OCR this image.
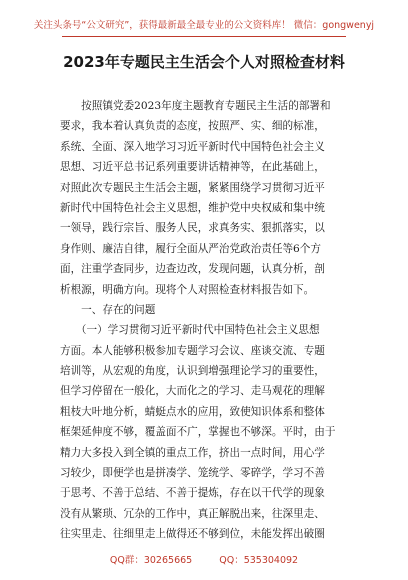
关注头条号“公文研究”，获得最新最全最专业的公文资料库！ 微信：gongwenyj
2023年专题民主生活会个人对照检查材料
　　按照镇党委2023年度主题教育专题民主生活的部署和
要求，我本着认真负责的态度，按照严、实、细的标准，
系统、全面、深入地学习习近平新时代中国特色社会主义
思想、习近平总书记系列重要讲话精神等，在此基础上，
对照此次专题民主生活会主题，紧紧围绕学习贯彻习近平
新时代中国特色社会主义思想，维护党中央权威和集中统
一领导，践行宗旨、服务人民，求真务实、狠抓落实，以
身作则、廉洁自律，履行全面从严治党政治责任等6个方
面，注重学查同步，边查边改，发现问题，认真分析，剖
析根源，明确方向。现将个人对照检查材料报告如下。
　　一、存在的问题
　　（一）学习贯彻习近平新时代中国特色社会主义思想
方面。本人能够积极参加专题学习会议、座谈交流、专题
培训等，从宏观的角度，认识到增强理论学习的重要性，
但学习停留在一般化，大而化之的学习、走马观花的理解
粗枝大叶地分析，蜻蜓点水的应用，致使知识体系和整体
框架延伸度不够，覆盖面不广，掌握也不够深。平时，由于
精力大多投入到全镇的重点工作，挤出一点时间，用心学
习较少，即便学也是拼凑学、笼统学、零碎学，学习不善
于思考、不善于总结、不善于提炼，存在以干代学的现象
没有从繁琐、冗杂的工作中，真正解脱出来，往深里走、
往实里走、往细里走上做得还不够到位，未能发挥出破圈
QQ群：30265665	QQ：535304092
